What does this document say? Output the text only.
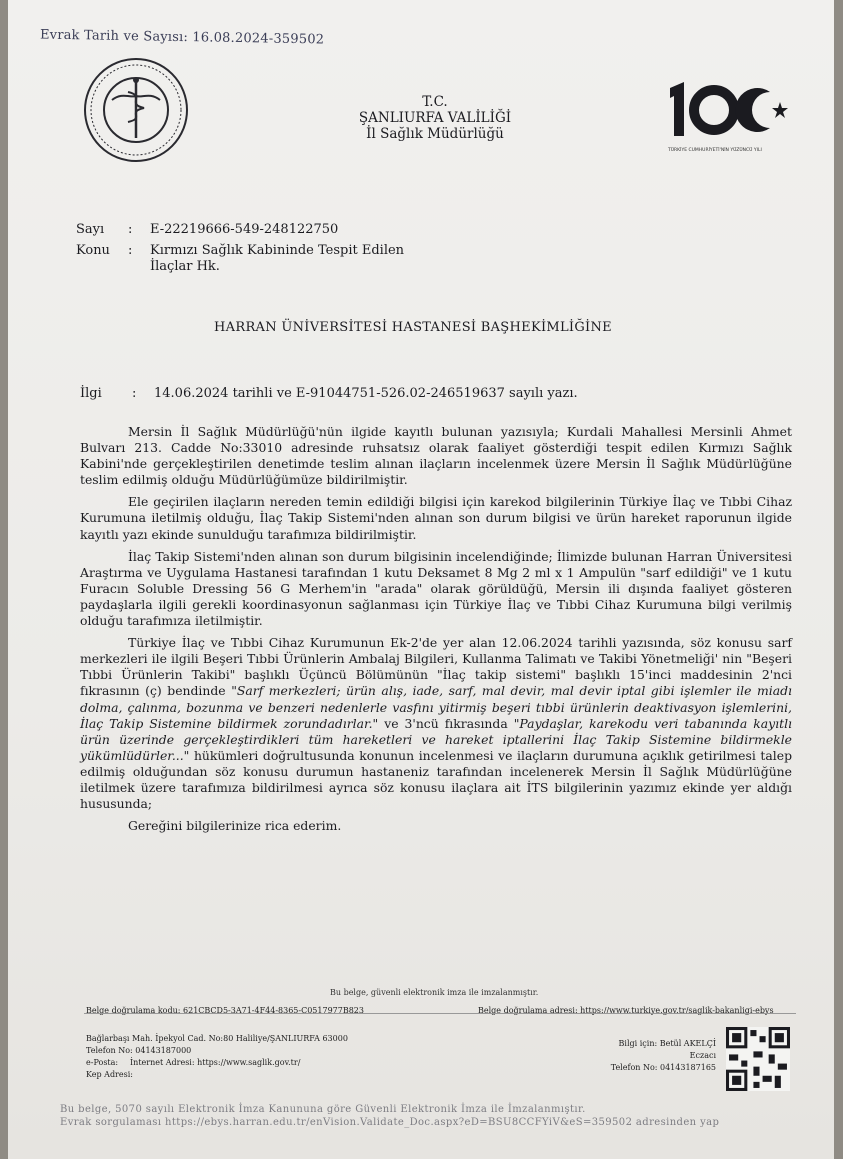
Evrak Tarih ve Sayısı: 16.08.2024-359502
TÜRKİYE CUMHURİYETİ'NİN YÜZÜNCÜ YILI
T.C.
ŞANLIURFA VALİLİĞİ
İl Sağlık Müdürlüğü
Sayı : E-22219666-549-248122750
Konu : Kırmızı Sağlık Kabininde Tespit Edilen
İlaçlar Hk.
HARRAN ÜNİVERSİTESİ HASTANESİ BAŞHEKİMLİĞİNE
İlgi : 14.06.2024 tarihli ve E-91044751-526.02-246519637 sayılı yazı.

Mersin İl Sağlık Müdürlüğü'nün ilgide kayıtlı bulunan yazısıyla; Kurdali Mahallesi Mersinli Ahmet Bulvarı 213. Cadde No:33010 adresinde ruhsatsız olarak faaliyet gösterdiği tespit edilen Kırmızı Sağlık Kabini'nde gerçekleştirilen denetimde teslim alınan ilaçların incelenmek üzere Mersin İl Sağlık Müdürlüğüne teslim edilmiş olduğu Müdürlüğümüze bildirilmiştir.

Ele geçirilen ilaçların nereden temin edildiği bilgisi için karekod bilgilerinin Türkiye İlaç ve Tıbbi Cihaz Kurumuna iletilmiş olduğu, İlaç Takip Sistemi'nden alınan son durum bilgisi ve ürün hareket raporunun ilgide kayıtlı yazı ekinde sunulduğu tarafımıza bildirilmiştir.

İlaç Takip Sistemi'nden alınan son durum bilgisinin incelendiğinde; İlimizde bulunan Harran Üniversitesi Araştırma ve Uygulama Hastanesi tarafından 1 kutu Deksamet 8 Mg 2 ml x 1 Ampulün "sarf edildiği" ve 1 kutu Furacın Soluble Dressing 56 G Merhem'in "arada" olarak görüldüğü, Mersin ili dışında faaliyet gösteren paydaşlarla ilgili gerekli koordinasyonun sağlanması için Türkiye İlaç ve Tıbbi Cihaz Kurumuna bilgi verilmiş olduğu tarafımıza iletilmiştir.

Türkiye İlaç ve Tıbbi Cihaz Kurumunun Ek-2'de yer alan 12.06.2024 tarihli yazısında, söz konusu sarf merkezleri ile ilgili Beşeri Tıbbi Ürünlerin Ambalaj Bilgileri, Kullanma Talimatı ve Takibi Yönetmeliği' nin "Beşeri Tıbbi Ürünlerin Takibi" başlıklı Üçüncü Bölümünün "İlaç takip sistemi" başlıklı 15'inci maddesinin 2'nci fıkrasının (ç) bendinde "Sarf merkezleri; ürün alış, iade, sarf, mal devir, mal devir iptal gibi işlemler ile miadı dolma, çalınma, bozunma ve benzeri nedenlerle vasfını yitirmiş beşeri tıbbi ürünlerin deaktivasyon işlemlerini, İlaç Takip Sistemine bildirmek zorundadırlar." ve 3'ncü fıkrasında "Paydaşlar, karekodu veri tabanında kayıtlı ürün üzerinde gerçekleştirdikleri tüm hareketleri ve hareket iptallerini İlaç Takip Sistemine bildirmekle yükümlüdürler..." hükümleri doğrultusunda konunun incelenmesi ve ilaçların durumuna açıklık getirilmesi talep edilmiş olduğundan söz konusu durumun hastaneniz tarafından incelenerek Mersin İl Sağlık Müdürlüğüne iletilmek üzere tarafımıza bildirilmesi ayrıca söz konusu ilaçlara ait İTS bilgilerinin yazımız ekinde yer aldığı hususunda;

Gereğini bilgilerinize rica ederim.

Bu belge, güvenli elektronik imza ile imzalanmıştır.
Belge doğrulama kodu: 621CBCD5-3A71-4F44-8365-C0517977B823	Belge doğrulama adresi: https://www.turkiye.gov.tr/saglik-bakanligi-ebys
Bağlarbaşı Mah. İpekyol Cad. No:80 Haliliye/ŞANLIURFA 63000
Telefon No: 04143187000
e-Posta:	İnternet Adresi: https://www.saglik.gov.tr/
Kep Adresi:
Bilgi için: Betül AKELÇİ
Eczacı
Telefon No: 04143187165
Bu belge, 5070 sayılı Elektronik İmza Kanununa göre Güvenli Elektronik İmza ile İmzalanmıştır.
Evrak sorgulaması https://ebys.harran.edu.tr/enVision.Validate_Doc.aspx?eD=BSU8CCFYiV&eS=359502 adresinden yap
